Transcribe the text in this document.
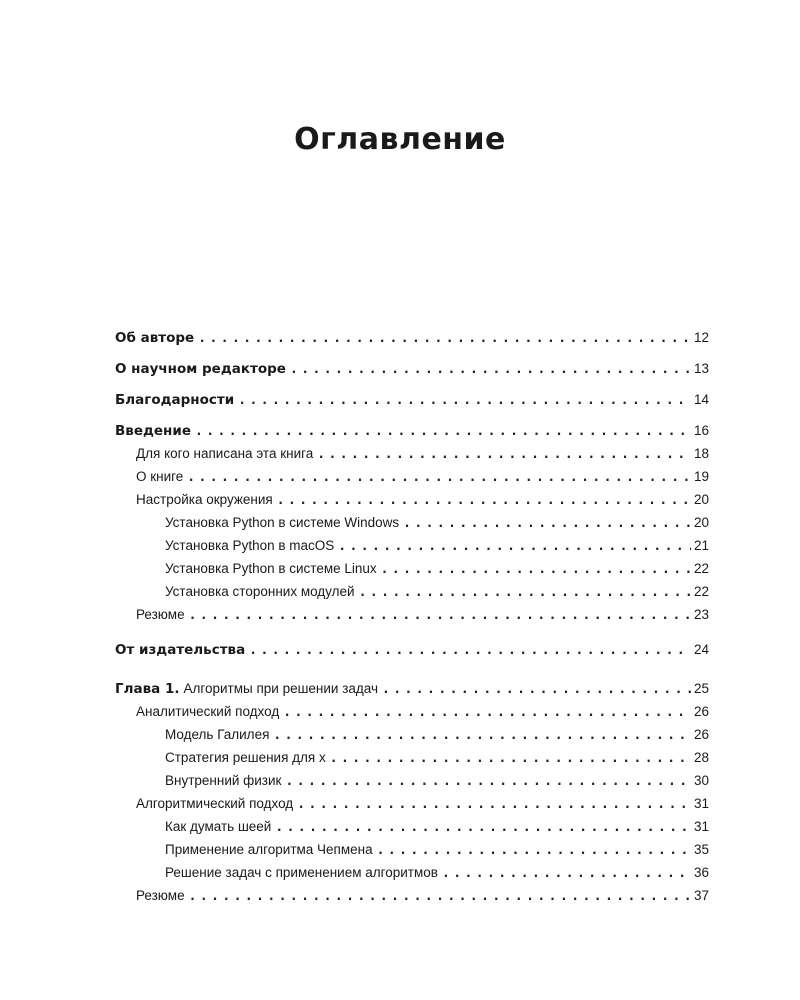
Оглавление
Об авторе . . .	12
О научном редакторе . . .	13
Благодарности . . .	14
Введение . . .	16
Для кого написана эта книга . . .	18
О книге . . .	19
Настройка окружения . . .	20
Установка Python в системе Windows . . .	20
Установка Python в macOS . . .	21
Установка Python в системе Linux . . .	22
Установка сторонних модулей . . .	22
Резюме . . .	23
От издательства . . .	24
Глава 1. Алгоритмы при решении задач . . .	25
Аналитический подход . . .	26
Модель Галилея . . .	26
Стратегия решения для x . . .	28
Внутренний физик . . .	30
Алгоритмический подход . . .	31
Как думать шеей . . .	31
Применение алгоритма Чепмена . . .	35
Решение задач с применением алгоритмов . . .	36
Резюме . . .	37
